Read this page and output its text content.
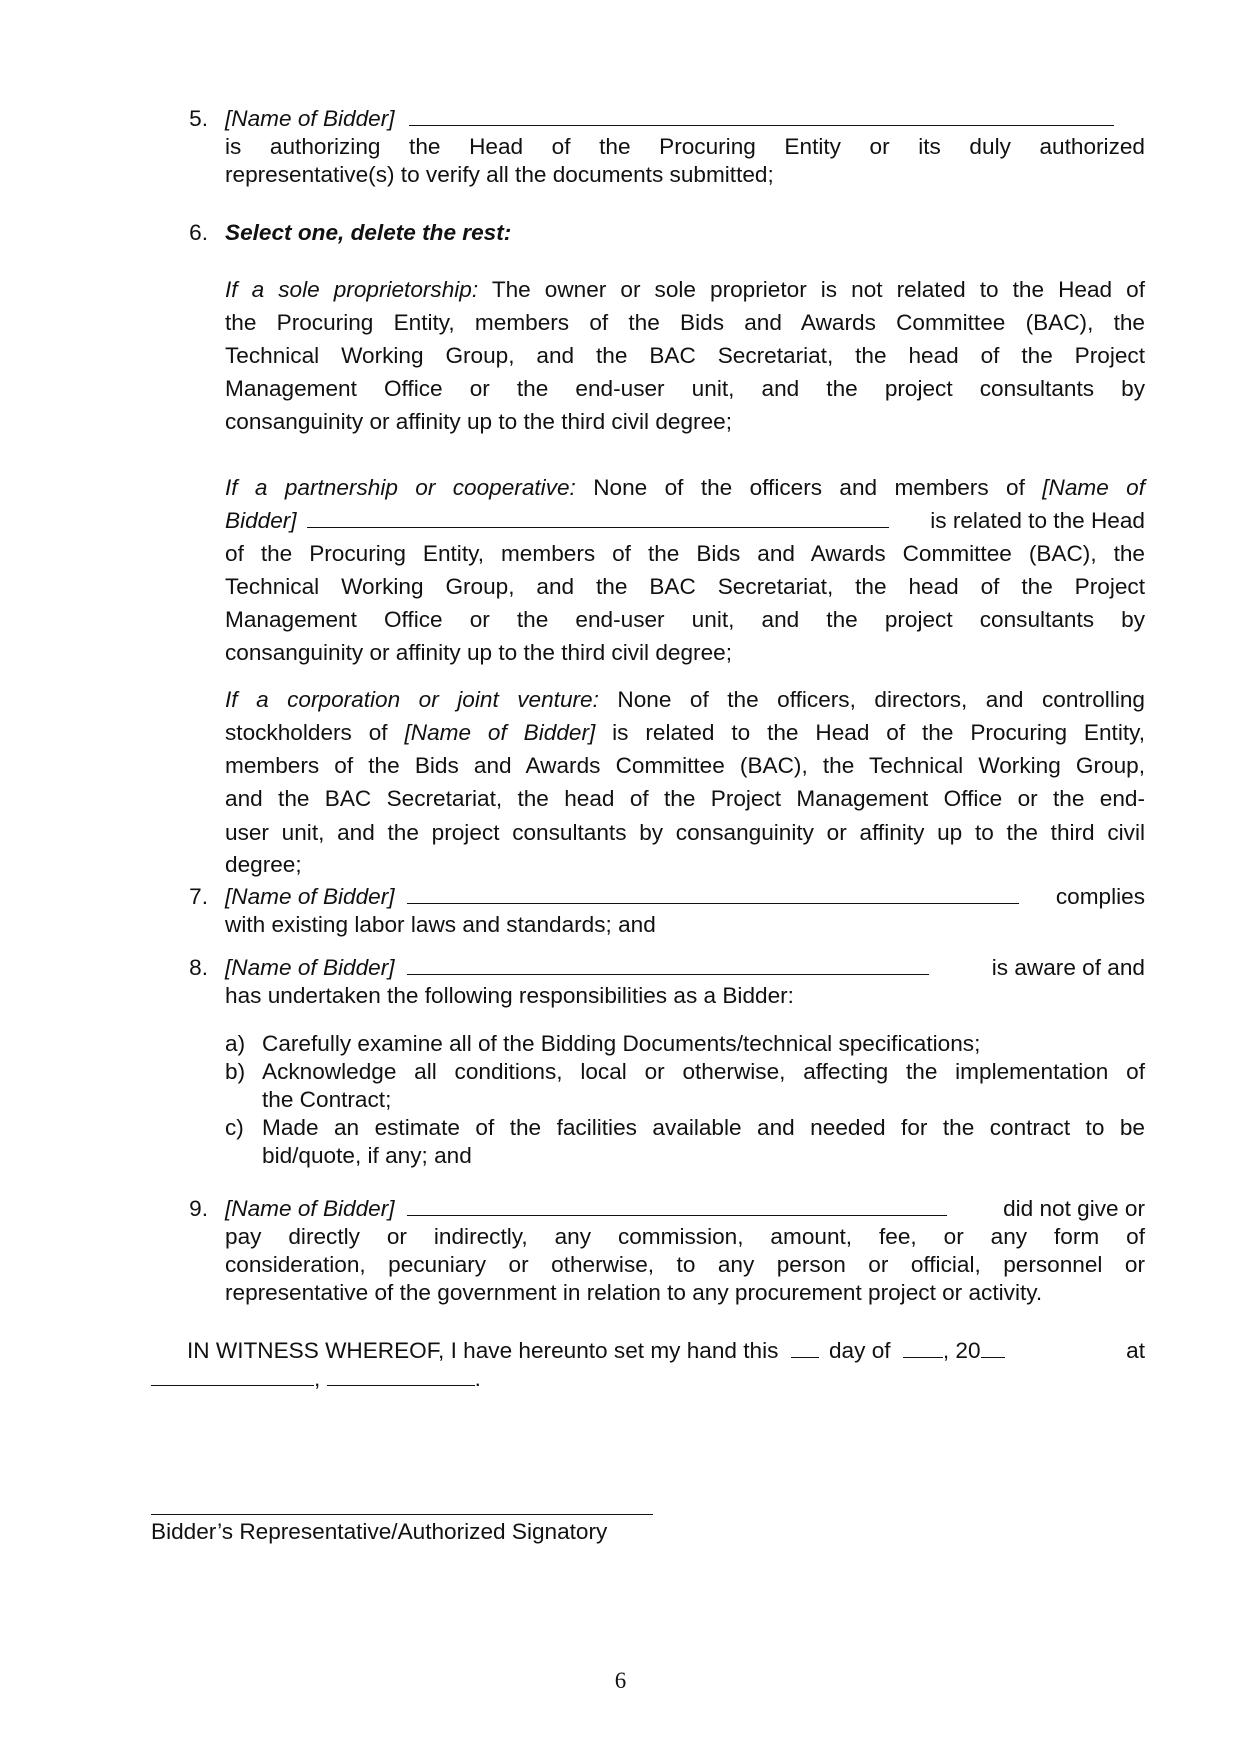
5. [Name of Bidder]
is authorizing the Head of the Procuring Entity or its duly authorized
representative(s) to verify all the documents submitted;
6. Select one, delete the rest:
If a sole proprietorship: The owner or sole proprietor is not related to the Head of
the Procuring Entity, members of the Bids and Awards Committee (BAC), the
Technical Working Group, and the BAC Secretariat, the head of the Project
Management Office or the end-user unit, and the project consultants by
consanguinity or affinity up to the third civil degree;
If a partnership or cooperative: None of the officers and members of [Name of
Bidder]	is related to the Head
of the Procuring Entity, members of the Bids and Awards Committee (BAC), the
Technical Working Group, and the BAC Secretariat, the head of the Project
Management Office or the end-user unit, and the project consultants by
consanguinity or affinity up to the third civil degree;
If a corporation or joint venture: None of the officers, directors, and controlling
stockholders of [Name of Bidder] is related to the Head of the Procuring Entity,
members of the Bids and Awards Committee (BAC), the Technical Working Group,
and the BAC Secretariat, the head of the Project Management Office or the end-
user unit, and the project consultants by consanguinity or affinity up to the third civil
degree;
7. [Name of Bidder]	complies
with existing labor laws and standards; and
8. [Name of Bidder]	is aware of and
has undertaken the following responsibilities as a Bidder:
a) Carefully examine all of the Bidding Documents/technical specifications;
b) Acknowledge all conditions, local or otherwise, affecting the implementation of
the Contract;
c) Made an estimate of the facilities available and needed for the contract to be
bid/quote, if any; and
9. [Name of Bidder]	did not give or
pay directly or indirectly, any commission, amount, fee, or any form of
consideration, pecuniary or otherwise, to any person or official, personnel or
representative of the government in relation to any procurement project or activity.
IN WITNESS WHEREOF, I have hereunto set my hand this day of , 20	at
,	.
Bidder’s Representative/Authorized Signatory
6
